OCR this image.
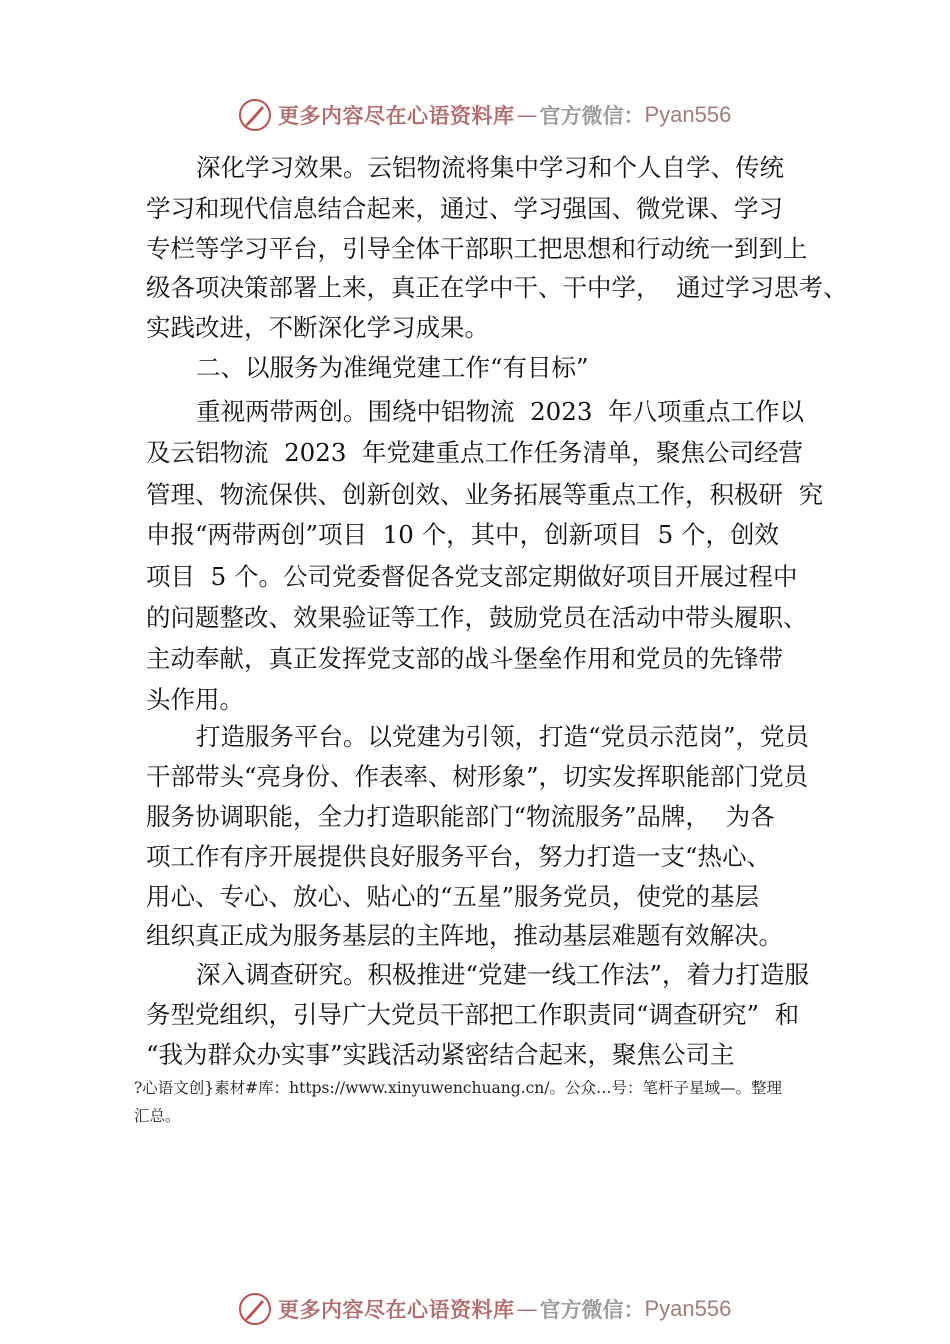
更多内容尽在心语资料库 — 官方微信： Pyan556
深化学习效果。云铝物流将集中学习和个人自学、传统
学习和现代信息结合起来，通过、学习强国、微党课、学习
专栏等学习平台，引导全体干部职工把思想和行动统一到到上
级各项决策部署上来，真正在学中干、干中学，  通过学习思考、
实践改进，不断深化学习成果。
二、以服务为准绳党建工作“有目标”
重视两带两创。围绕中铝物流  2023  年八项重点工作以
及云铝物流  2023  年党建重点工作任务清单，聚焦公司经营
管理、物流保供、创新创效、业务拓展等重点工作，积极研  究
申报“两带两创”项目  10 个，其中，创新项目  5 个，创效
项目  5 个。公司党委督促各党支部定期做好项目开展过程中
的问题整改、效果验证等工作，鼓励党员在活动中带头履职、
主动奉献，真正发挥党支部的战斗堡垒作用和党员的先锋带
头作用。
打造服务平台。以党建为引领，打造“党员示范岗”，党员
干部带头“亮身份、作表率、树形象”，切实发挥职能部门党员
服务协调职能，全力打造职能部门“物流服务”品牌，  为各
项工作有序开展提供良好服务平台，努力打造一支“热心、
用心、专心、放心、贴心的“五星”服务党员，使党的基层
组织真正成为服务基层的主阵地，推动基层难题有效解决。
深入调查研究。积极推进“党建一线工作法”，着力打造服
务型党组织，引导广大党员干部把工作职责同“调查研究”  和
“我为群众办实事”实践活动紧密结合起来，聚焦公司主
?心语文创}素材#库：https://www.xinyuwenchuang.cn/。公众…号：笔杆子星域—。整理
汇总。
更多内容尽在心语资料库 — 官方微信： Pyan556
